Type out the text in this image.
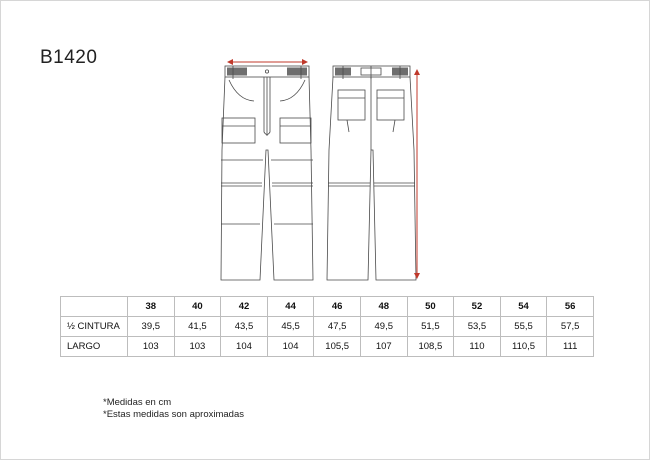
B1420
	38	40	42	44	46	48	50	52	54	56
½ CINTURA	39,5	41,5	43,5	45,5	47,5	49,5	51,5	53,5	55,5	57,5
LARGO	103	103	104	104	105,5	107	108,5	110	110,5	111
*Medidas en cm
*Estas medidas son aproximadas
